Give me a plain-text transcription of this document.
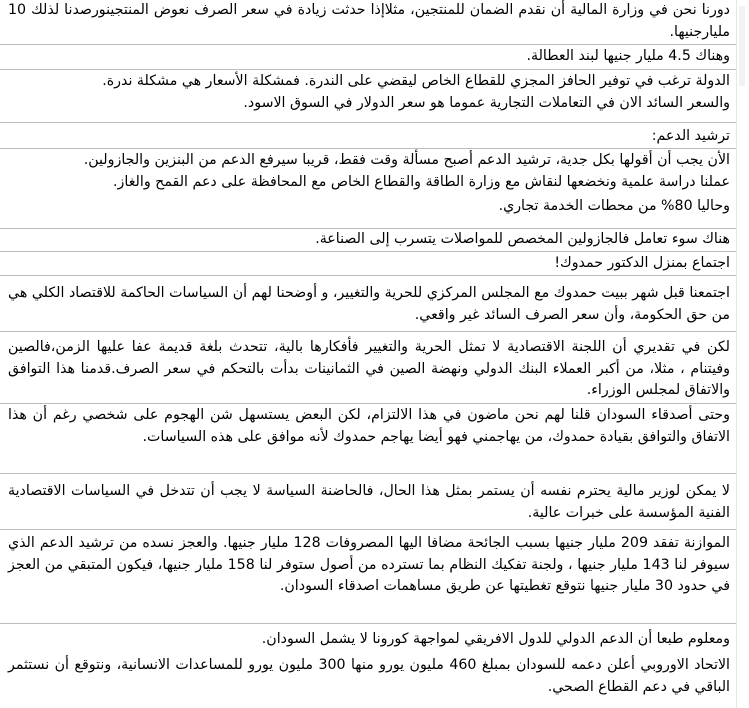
دورنا نحن في وزارة المالية أن نقدم الضمان للمنتجين، مثلاإذا حدثت زيادة في سعر الصرف نعوض المنتجينورصدنا لذلك 10 مليارجنيها.
وهناك 4.5 مليار جنيها لبند العطالة.
الدولة ترغب في توفير الحافز المجزي للقطاع الخاص ليقضي على الندرة. فمشكلة الأسعار هي مشكلة ندرة.
والسعر السائد الان في التعاملات التجارية عموما هو سعر الدولار في السوق الاسود.
ترشيد الدعم:
الأن يجب أن أقولها بكل جدية، ترشيد الدعم أصبح مسألة وقت فقط، قريبا سيرفع الدعم من البنزين والجازولين.
عملنا دراسة علمية ونخضعها لنقاش مع وزارة الطاقة والقطاع الخاص مع المحافظة على دعم القمح والغاز.
وحاليا 80% من محطات الخدمة تجاري.
هناك سوء تعامل فالجازولين المخصص للمواصلات يتسرب إلى الصناعة.
اجتماع بمنزل الدكتور حمدوك!
اجتمعنا قبل شهر ببيت حمدوك مع المجلس المركزي للحرية والتغيير، و أوضحنا لهم أن السياسات الحاكمة للاقتصاد الكلي هي من حق الحكومة، وأن سعر الصرف السائد غير واقعي.
لكن في تقديري أن اللجنة الاقتصادية لا تمثل الحرية والتغيير فأفكارها بالية، تتحدث بلغة قديمة عفا عليها الزمن،فالصين وفيتنام ، مثلا، من أكبر العملاء البنك الدولي ونهضة الصين في الثمانينات بدأت بالتحكم في سعر الصرف.قدمنا هذا التوافق والاتفاق لمجلس الوزراء.
وحتى أصدقاء السودان قلنا لهم نحن ماضون في هذا الالتزام، لكن البعض يستسهل شن الهجوم على شخصي رغم أن هذا الاتفاق والتوافق بقيادة حمدوك، من يهاجمني فهو أيضا يهاجم حمدوك لأنه موافق على هذه السياسات.
لا يمكن لوزير مالية يحترم نفسه أن يستمر بمثل هذا الحال، فالحاضنة السياسة لا يجب أن تتدخل في السياسات الاقتصادية الفنية المؤسسة على خبرات عالية.
الموازنة تفقد 209 مليار جنيها بسبب الجائحة مضافا اليها المصروفات 128 مليار جنيها. والعجز نسده من ترشيد الدعم الذي سيوفر لنا 143 مليار جنيها ، ولجنة تفكيك النظام بما تسترده من أصول ستوفر لنا 158 مليار جنيها، فيكون المتبقي من العجز في حدود 30 مليار جنيها نتوقع تغطيتها عن طريق مساهمات اصدقاء السودان.
ومعلوم طبعا أن الدعم الدولي للدول الافريقي لمواجهة كورونا لا يشمل السودان.
الاتحاد الاوروبي أعلن دعمه للسودان بمبلغ 460 مليون يورو منها 300 مليون يورو للمساعدات الانسانية، ونتوقع أن نستثمر الباقي في دعم القطاع الصحي.
